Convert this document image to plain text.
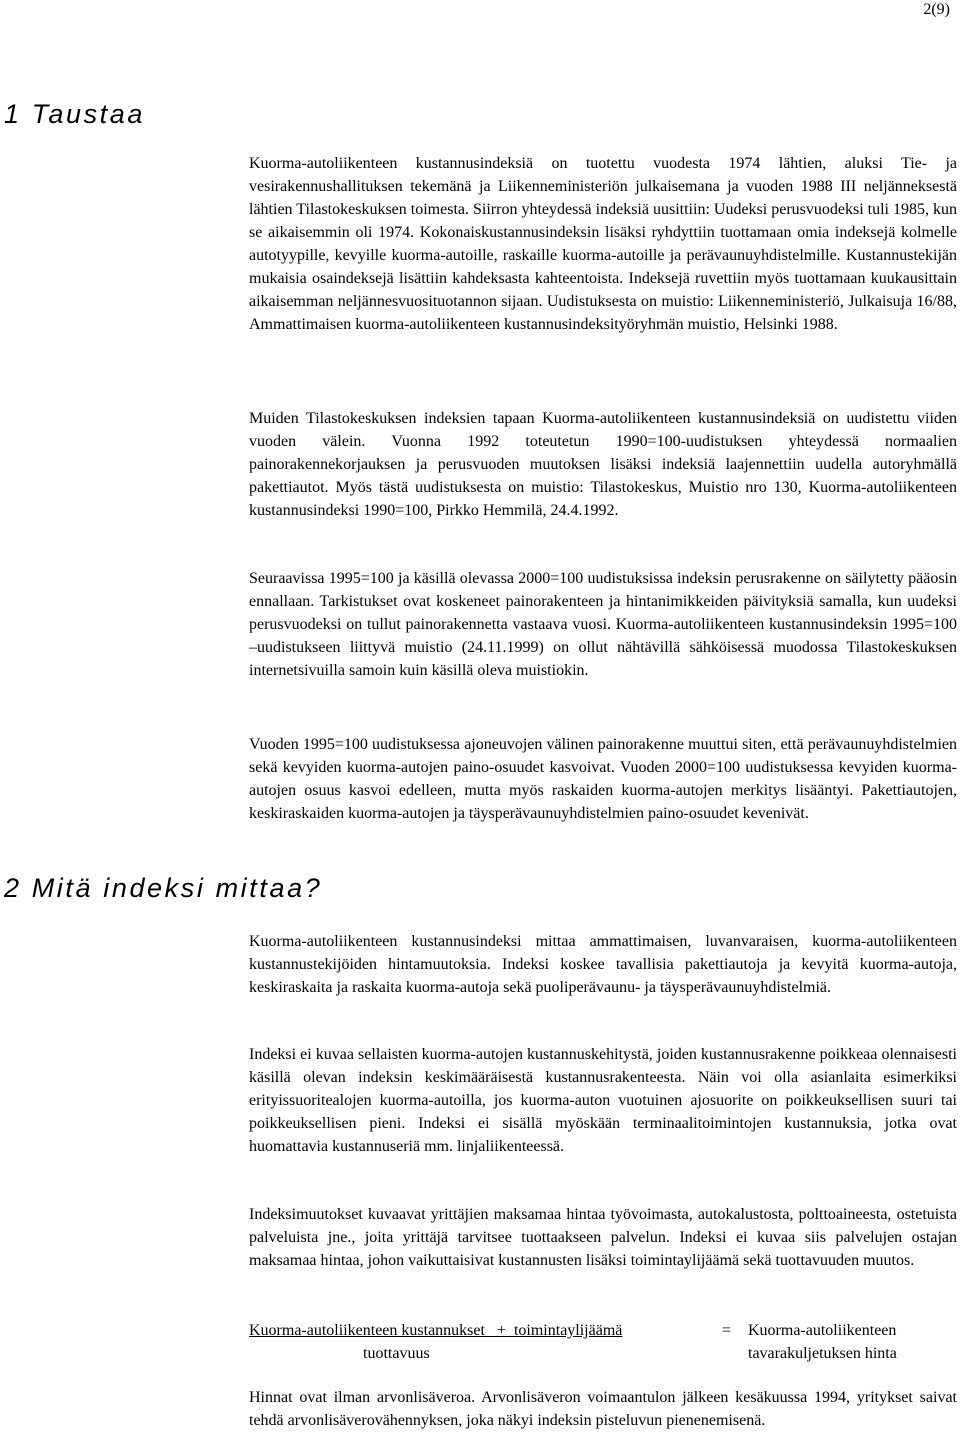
2(9)
1 Taustaa

Kuorma-autoliikenteen kustannusindeksiä on tuotettu vuodesta 1974 lähtien, aluksi Tie- ja vesirakennushallituksen tekemänä ja Liikenneministeriön julkaisemana ja vuoden 1988 III neljänneksestä lähtien Tilastokeskuksen toimesta. Siirron yhteydessä indeksiä uusittiin: Uudeksi perusvuodeksi tuli 1985, kun se aikaisemmin oli 1974. Kokonaiskustannusindeksin lisäksi ryhdyttiin tuottamaan omia indeksejä kolmelle autotyypille, kevyille kuorma-autoille, raskaille kuorma-autoille ja perävaunuyhdistelmille. Kustannustekijän mukaisia osaindeksejä lisättiin kahdeksasta kahteentoista. Indeksejä ruvettiin myös tuottamaan kuukausittain aikaisemman neljännesvuosituotannon sijaan. Uudistuksesta on muistio: Liikenneministeriö, Julkaisuja 16/88, Ammattimaisen kuorma-autoliikenteen kustannusindeksityöryhmän muistio, Helsinki 1988.

Muiden Tilastokeskuksen indeksien tapaan Kuorma-autoliikenteen kustannusindeksiä on uudistettu viiden vuoden välein. Vuonna 1992 toteutetun 1990=100-uudistuksen yhteydessä normaalien painorakennekorjauksen ja perusvuoden muutoksen lisäksi indeksiä laajennettiin uudella autoryhmällä pakettiautot. Myös tästä uudistuksesta on muistio: Tilastokeskus, Muistio nro 130, Kuorma-autoliikenteen kustannusindeksi 1990=100, Pirkko Hemmilä, 24.4.1992.

Seuraavissa 1995=100 ja käsillä olevassa 2000=100 uudistuksissa indeksin perusrakenne on säilytetty pääosin ennallaan. Tarkistukset ovat koskeneet painorakenteen ja hintanimikkeiden päivityksiä samalla, kun uudeksi perusvuodeksi on tullut painorakennetta vastaava vuosi. Kuorma-autoliikenteen kustannusindeksin 1995=100 –uudistukseen liittyvä muistio (24.11.1999) on ollut nähtävillä sähköisessä muodossa Tilastokeskuksen internetsivuilla samoin kuin käsillä oleva muistiokin.

Vuoden 1995=100 uudistuksessa ajoneuvojen välinen painorakenne muuttui siten, että perävaunuyhdistelmien sekä kevyiden kuorma-autojen paino-osuudet kasvoivat. Vuoden 2000=100 uudistuksessa kevyiden kuorma-autojen osuus kasvoi edelleen, mutta myös raskaiden kuorma-autojen merkitys lisääntyi. Pakettiautojen, keskiraskaiden kuorma-autojen ja täysperävaunuyhdistelmien paino-osuudet kevenivät.

2 Mitä indeksi mittaa?

Kuorma-autoliikenteen kustannusindeksi mittaa ammattimaisen, luvanvaraisen, kuorma-autoliikenteen kustannustekijöiden hintamuutoksia. Indeksi koskee tavallisia pakettiautoja ja kevyitä kuorma-autoja, keskiraskaita ja raskaita kuorma-autoja sekä puoliperävaunu- ja täysperävaunuyhdistelmiä.

Indeksi ei kuvaa sellaisten kuorma-autojen kustannuskehitystä, joiden kustannusrakenne poikkeaa olennaisesti käsillä olevan indeksin keskimääräisestä kustannusrakenteesta. Näin voi olla asianlaita esimerkiksi erityissuoritealojen kuorma-autoilla, jos kuorma-auton vuotuinen ajosuorite on poikkeuksellisen suuri tai poikkeuksellisen pieni. Indeksi ei sisällä myöskään terminaalitoimintojen kustannuksia, jotka ovat huomattavia kustannuseriä mm. linjaliikenteessä.

Indeksimuutokset kuvaavat yrittäjien maksamaa hintaa työvoimasta, autokalustosta, polttoaineesta, ostetuista palveluista jne., joita yrittäjä tarvitsee tuottaakseen palvelun. Indeksi ei kuvaa siis palvelujen ostajan maksamaa hintaa, johon vaikuttaisivat kustannusten lisäksi toimintaylijäämä sekä tuottavuuden muutos.

Kuorma-autoliikenteen kustannukset   +  toimintaylijäämä
tuottavuus
= Kuorma-autoliikenteen
tavarakuljetuksen hinta

Hinnat ovat ilman arvonlisäveroa. Arvonlisäveron voimaantulon jälkeen kesäkuussa 1994, yritykset saivat tehdä arvonlisäverovähennyksen, joka näkyi indeksin pisteluvun pienenemisenä.
